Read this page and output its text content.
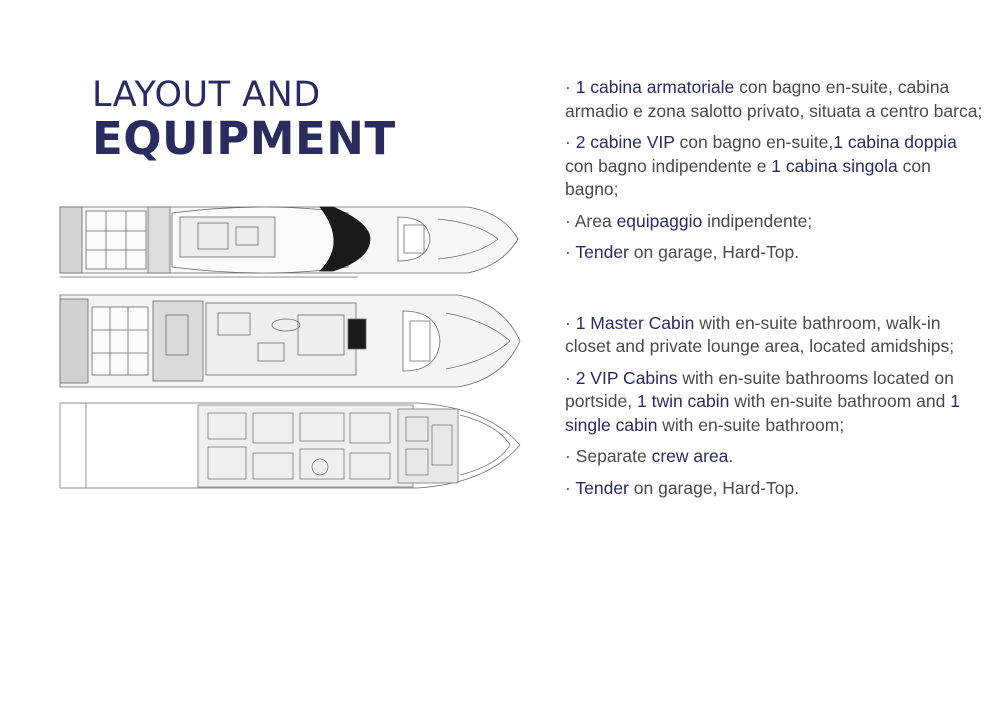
LAYOUT AND
EQUIPMENT

· 1 cabina armatoriale con bagno en-suite, cabina armadio e zona salotto privato, situata a centro barca;

· 2 cabine VIP con bagno en-suite,1 cabina doppia con bagno indipendente e 1 cabina singola con bagno;

· Area equipaggio indipendente;

· Tender on garage, Hard-Top.

· 1 Master Cabin with en-suite bathroom, walk-in closet and private lounge area, located amidships;

· 2 VIP Cabins with en-suite bathrooms located on portside, 1 twin cabin with en-suite bathroom and 1 single cabin with en-suite bathroom;

· Separate crew area.

· Tender on garage, Hard-Top.
